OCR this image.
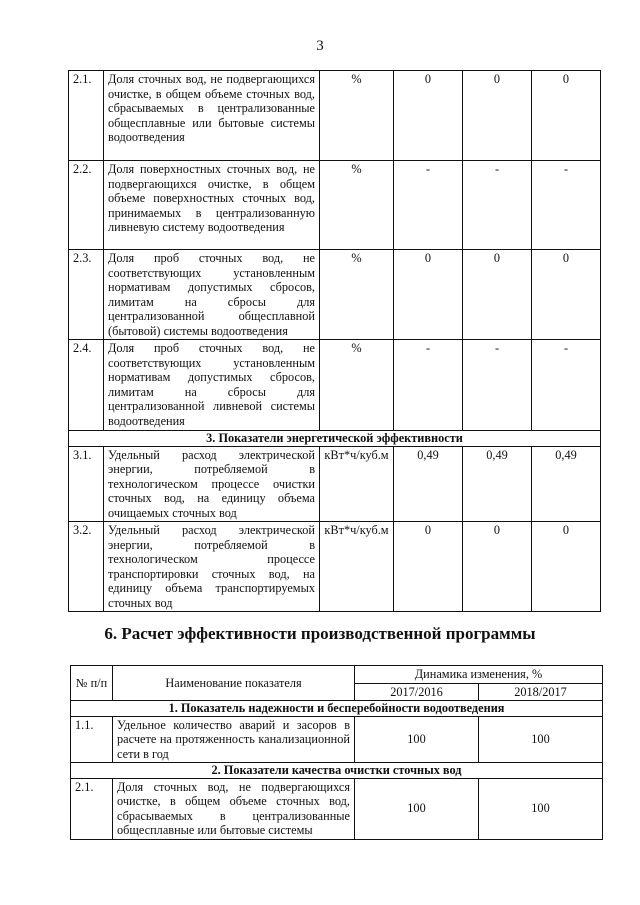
3
2.1.	Доля сточных вод, не подвергающихся очистке, в общем объеме сточных вод, сбрасываемых в централизованные общесплавные или бытовые системы водоотведения	%	0	0	0
2.2.	Доля поверхностных сточных вод, не подвергающихся очистке, в общем объеме поверхностных сточных вод, принимаемых в централизованную ливневую систему водоотведения	%	-	-	-
2.3.	Доля проб сточных вод, не соответствующих установленным нормативам допустимых сбросов, лимитам на сбросы для централизованной общесплавной (бытовой) системы водоотведения	%	0	0	0
2.4.	Доля проб сточных вод, не соответствующих установленным нормативам допустимых сбросов, лимитам на сбросы для централизованной ливневой системы водоотведения	%	-	-	-
3. Показатели энергетической эффективности					
3.1.	Удельный расход электрической энергии, потребляемой в технологическом процессе очистки сточных вод, на единицу объема очищаемых сточных вод	кВт*ч/куб.м	0,49	0,49	0,49
3.2.	Удельный расход электрической энергии, потребляемой в технологическом процессе транспортировки сточных вод, на единицу объема транспортируемых сточных вод	кВт*ч/куб.м	0	0	0
6. Расчет эффективности производственной программы
№ п/п	Наименование показателя	Динамика изменения, %	
		2017/2016	2018/2017
1. Показатель надежности и бесперебойности водоотведения			
1.1.	Удельное количество аварий и засоров в расчете на протяженность канализационной сети в год	100	100
2. Показатели качества очистки сточных вод			
2.1.	Доля сточных вод, не подвергающихся очистке, в общем объеме сточных вод, сбрасываемых в централизованные общесплавные или бытовые системы	100	100
